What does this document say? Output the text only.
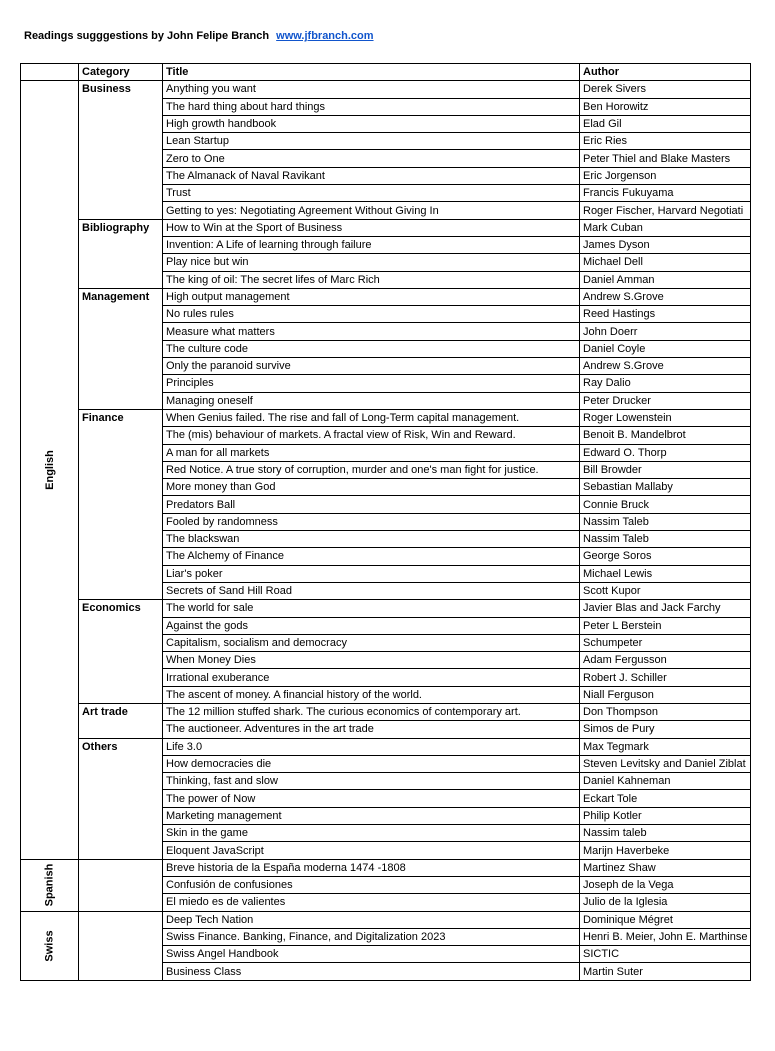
Readings sugggestions by John Felipe Branch www.jfbranch.com
	Category	Title	Author
English	Business	Anything you want	Derek Sivers
		The hard thing about hard things	Ben Horowitz
		High growth handbook	Elad Gil
		Lean Startup	Eric Ries
		Zero to One	Peter Thiel and Blake Masters
		The Almanack of Naval Ravikant	Eric Jorgenson
		Trust	Francis Fukuyama
		Getting to yes: Negotiating Agreement Without Giving In	Roger Fischer, Harvard Negotiati
	Bibliography	How to Win at the Sport of Business	Mark Cuban
		Invention: A Life of learning through failure	James Dyson
		Play nice but win	Michael Dell
		The king of oil: The secret lifes of Marc Rich	Daniel Amman
	Management	High output management	Andrew S.Grove
		No rules rules	Reed Hastings
		Measure what matters	John Doerr
		The culture code	Daniel Coyle
		Only the paranoid survive	Andrew S.Grove
		Principles	Ray Dalio
		Managing oneself	Peter Drucker
	Finance	When Genius failed. The rise and fall of Long-Term capital management.	Roger Lowenstein
		The (mis) behaviour of markets. A fractal view of Risk, Win and Reward.	Benoit B. Mandelbrot
		A man for all markets	Edward O. Thorp
		Red Notice. A true story of corruption, murder and one's man fight for justice.	Bill Browder
		More money than God	Sebastian Mallaby
		Predators Ball	Connie Bruck
		Fooled by randomness	Nassim Taleb
		The blackswan	Nassim Taleb
		The Alchemy of Finance	George Soros
		Liar's poker	Michael Lewis
		Secrets of Sand Hill Road	Scott Kupor
	Economics	The world for sale	Javier Blas and Jack Farchy
		Against the gods	Peter L Berstein
		Capitalism, socialism and democracy	Schumpeter
		When Money Dies	Adam Fergusson
		Irrational exuberance	Robert J. Schiller
		The ascent of money. A financial history of the world.	Niall Ferguson
	Art trade	The 12 million stuffed shark. The curious economics of contemporary art.	Don Thompson
		The auctioneer. Adventures in the art trade	Simos de Pury
	Others	Life 3.0	Max Tegmark
		How democracies die	Steven Levitsky and Daniel Ziblat
		Thinking, fast and slow	Daniel Kahneman
		The power of Now	Eckart Tole
		Marketing management	Philip Kotler
		Skin in the game	Nassim taleb
		Eloquent JavaScript	Marijn Haverbeke
Spanish		Breve historia de la España moderna 1474 -1808	Martinez Shaw
		Confusión de confusiones	Joseph de la Vega
		El miedo es de valientes	Julio de la Iglesia
Swiss		Deep Tech Nation	Dominique Mégret
		Swiss Finance. Banking, Finance, and Digitalization 2023	Henri B. Meier, John E. Marthinse
		Swiss Angel Handbook	SICTIC
		Business Class	Martin Suter
